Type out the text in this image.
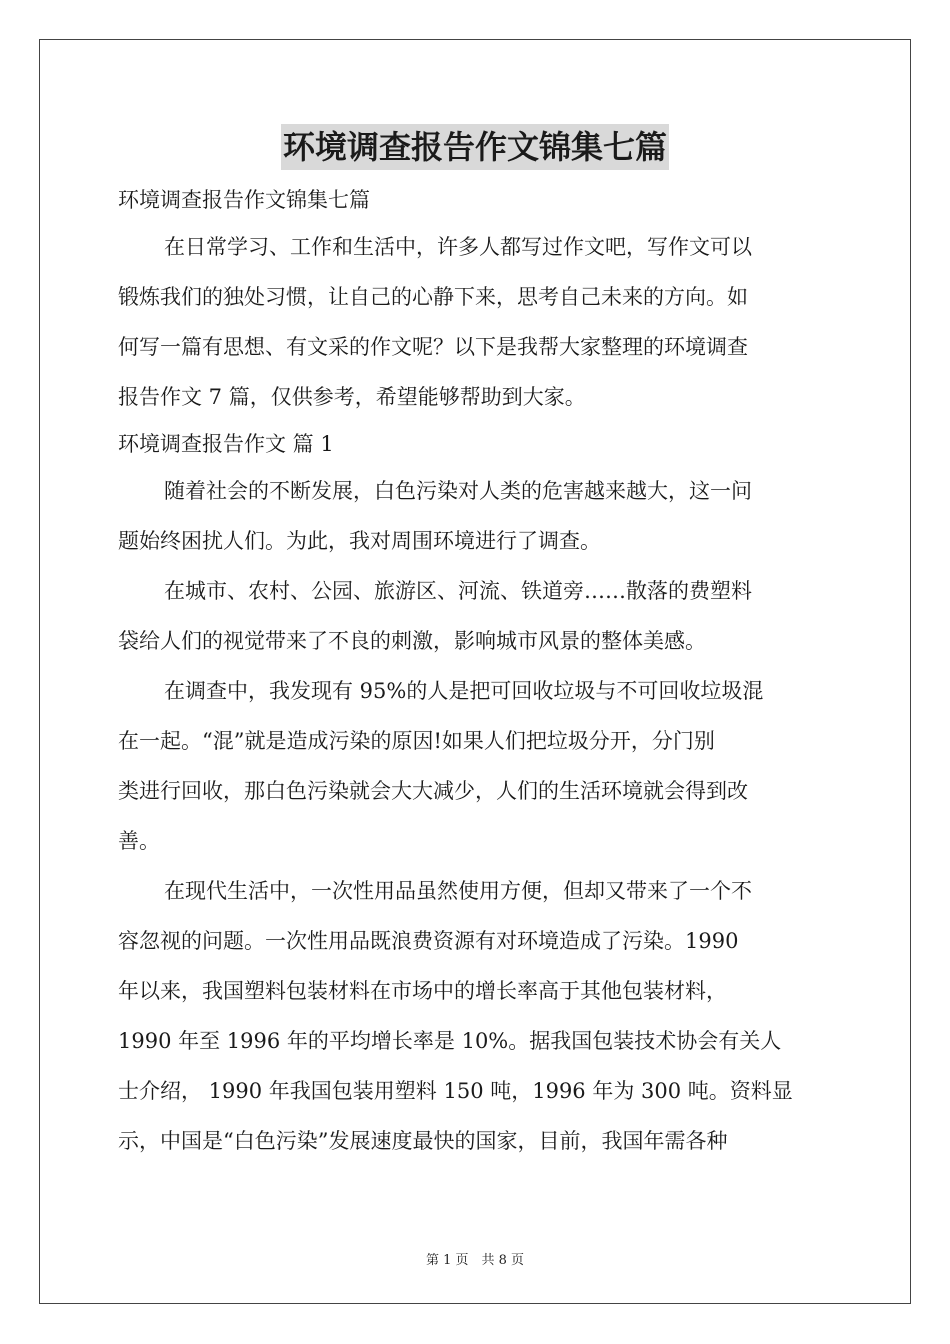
环境调查报告作文锦集七篇
环境调查报告作文锦集七篇
在日常学习、工作和生活中，许多人都写过作文吧，写作文可以
锻炼我们的独处习惯，让自己的心静下来，思考自己未来的方向。如
何写一篇有思想、有文采的作文呢？以下是我帮大家整理的环境调查
报告作文 7 篇，仅供参考，希望能够帮助到大家。
环境调查报告作文 篇 1
随着社会的不断发展，白色污染对人类的危害越来越大，这一问
题始终困扰人们。为此，我对周围环境进行了调查。
在城市、农村、公园、旅游区、河流、铁道旁……散落的费塑料
袋给人们的视觉带来了不良的刺激，影响城市风景的整体美感。
在调查中，我发现有 95%的人是把可回收垃圾与不可回收垃圾混
在一起。“混”就是造成污染的原因!如果人们把垃圾分开，分门别
类进行回收，那白色污染就会大大减少，人们的生活环境就会得到改
善。
在现代生活中，一次性用品虽然使用方便，但却又带来了一个不
容忽视的问题。一次性用品既浪费资源有对环境造成了污染。1990
年以来，我国塑料包装材料在市场中的增长率高于其他包装材料，
1990 年至 1996 年的平均增长率是 10%。据我国包装技术协会有关人
士介绍， 1990 年我国包装用塑料 150 吨，1996 年为 300 吨。资料显
示，中国是“白色污染”发展速度最快的国家，目前，我国年需各种
第 1 页　共 8 页
